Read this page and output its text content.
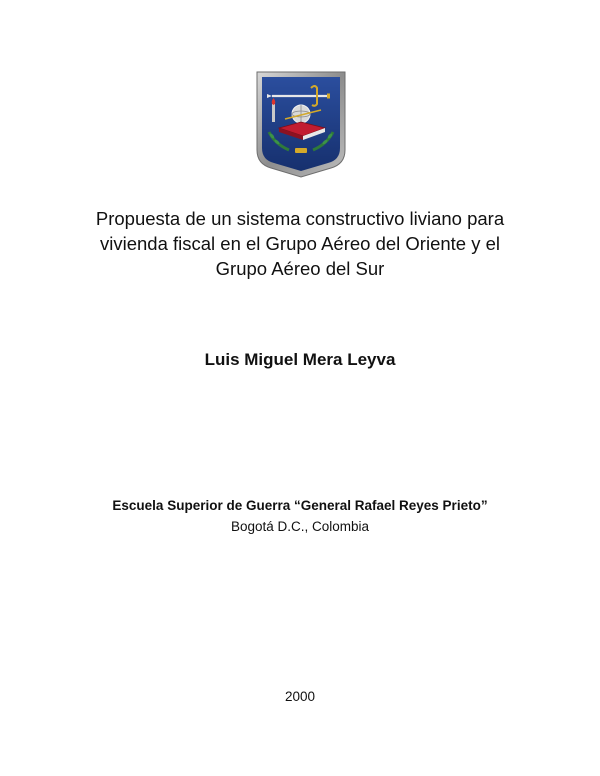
Propuesta de un sistema constructivo liviano para
vivienda fiscal en el Grupo Aéreo del Oriente y el
Grupo Aéreo del Sur

Luis Miguel Mera Leyva

Escuela Superior de Guerra “General Rafael Reyes Prieto”

Bogotá D.C., Colombia

2000
